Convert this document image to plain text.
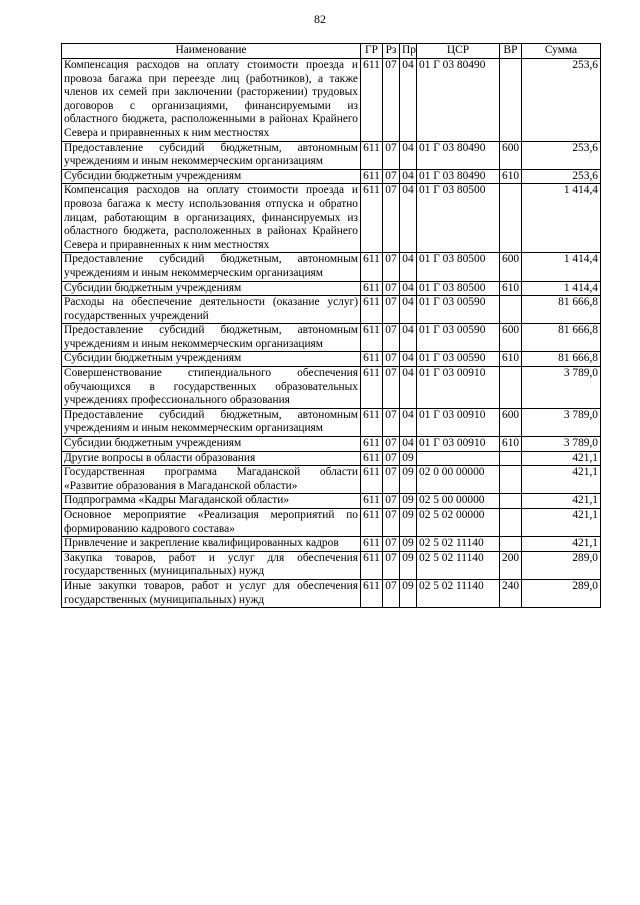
82
Наименование	ГР	Рз	Пр	ЦСР	ВР	Сумма
Компенсация расходов на оплату стоимости проезда и провоза багажа при переезде лиц (работников), а также членов их семей при заключении (расторжении) трудовых договоров с организациями, финансируемыми из областного бюджета, расположенными в районах Крайнего Севера и приравненных к ним местностях	611	07	04	01 Г 03 80490		253,6
Предоставление субсидий бюджетным, автономным учреждениям и иным некоммерческим организациям	611	07	04	01 Г 03 80490	600	253,6
Субсидии бюджетным учреждениям	611	07	04	01 Г 03 80490	610	253,6
Компенсация расходов на оплату стоимости проезда и провоза багажа к месту использования отпуска и обратно лицам, работающим в организациях, финансируемых из областного бюджета, расположенных в районах Крайнего Севера и приравненных к ним местностях	611	07	04	01 Г 03 80500		1 414,4
Предоставление субсидий бюджетным, автономным учреждениям и иным некоммерческим организациям	611	07	04	01 Г 03 80500	600	1 414,4
Субсидии бюджетным учреждениям	611	07	04	01 Г 03 80500	610	1 414,4
Расходы на обеспечение деятельности (оказание услуг) государственных учреждений	611	07	04	01 Г 03 00590		81 666,8
Предоставление субсидий бюджетным, автономным учреждениям и иным некоммерческим организациям	611	07	04	01 Г 03 00590	600	81 666,8
Субсидии бюджетным учреждениям	611	07	04	01 Г 03 00590	610	81 666,8
Совершенствование стипендиального обеспечения обучающихся в государственных образовательных учреждениях профессионального образования	611	07	04	01 Г 03 00910		3 789,0
Предоставление субсидий бюджетным, автономным учреждениям и иным некоммерческим организациям	611	07	04	01 Г 03 00910	600	3 789,0
Субсидии бюджетным учреждениям	611	07	04	01 Г 03 00910	610	3 789,0
Другие вопросы в области образования	611	07	09			421,1
Государственная программа Магаданской области «Развитие образования в Магаданской области»	611	07	09	02 0 00 00000		421,1
Подпрограмма «Кадры Магаданской области»	611	07	09	02 5 00 00000		421,1
Основное мероприятие «Реализация мероприятий по формированию кадрового состава»	611	07	09	02 5 02 00000		421,1
Привлечение и закрепление квалифицированных кадров	611	07	09	02 5 02 11140		421,1
Закупка товаров, работ и услуг для обеспечения государственных (муниципальных) нужд	611	07	09	02 5 02 11140	200	289,0
Иные закупки товаров, работ и услуг для обеспечения государственных (муниципальных) нужд	611	07	09	02 5 02 11140	240	289,0
